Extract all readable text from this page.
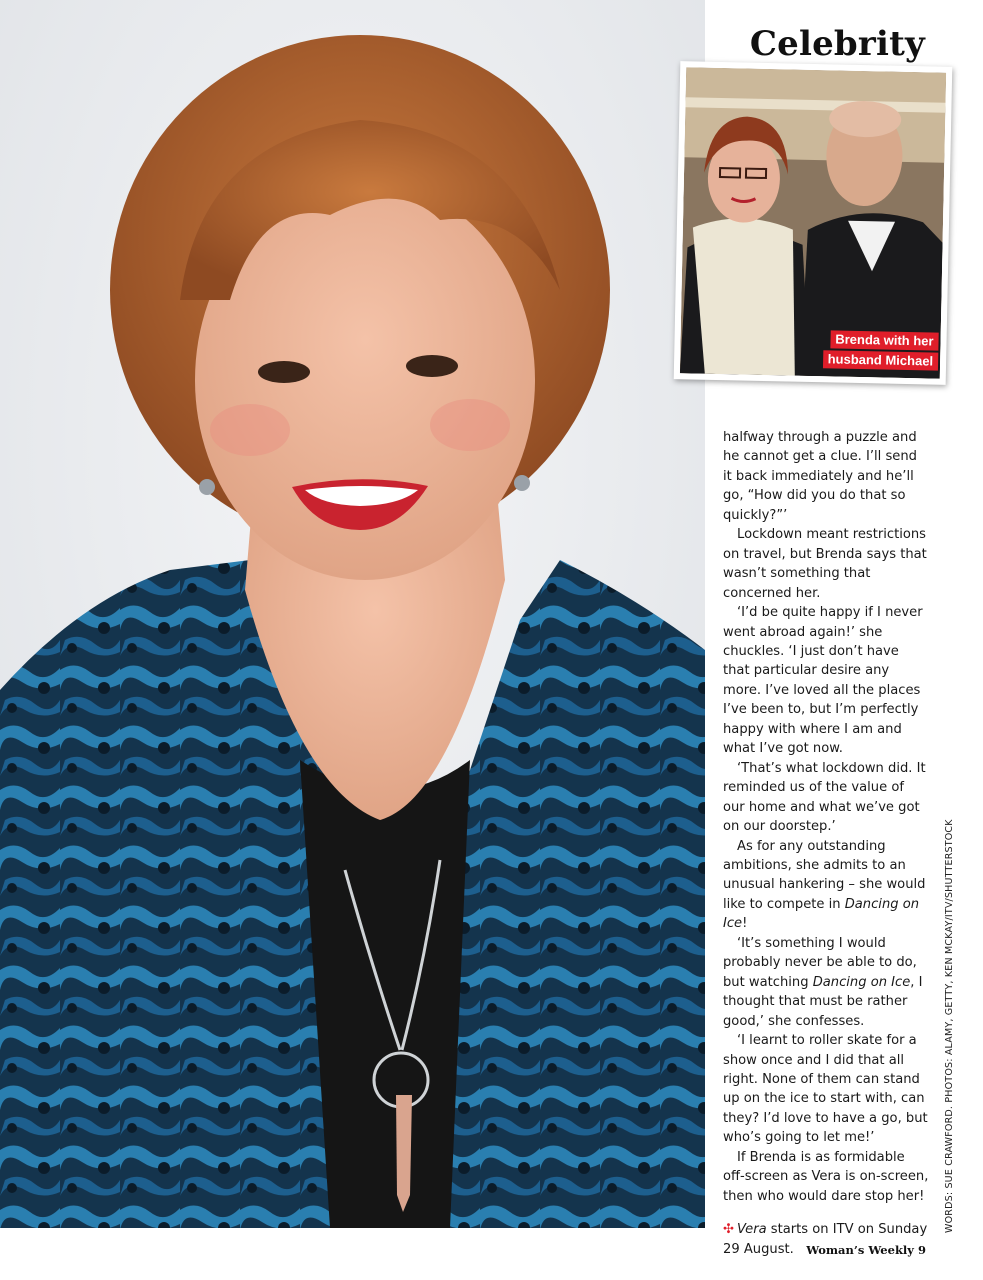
Celebrity
Brenda with her
husband Michael

halfway through a puzzle and he cannot get a clue. I’ll send it back immediately and he’ll go, “How did you do that so quickly?”’

Lockdown meant restrictions on travel, but Brenda says that wasn’t something that concerned her.

‘I’d be quite happy if I never went abroad again!’ she chuckles. ‘I just don’t have that particular desire any more. I’ve loved all the places I’ve been to, but I’m perfectly happy with where I am and what I’ve got now.

‘That’s what lockdown did. It reminded us of the value of our home and what we’ve got on our doorstep.’

As for any outstanding ambitions, she admits to an unusual hankering – she would like to compete in Dancing on Ice!

‘It’s something I would probably never be able to do, but watching Dancing on Ice, I thought that must be rather good,’ she confesses.

‘I learnt to roller skate for a show once and I did that all right. None of them can stand up on the ice to start with, can they? I’d love to have a go, but who’s going to let me!’

If Brenda is as formidable off-screen as Vera is on-screen, then who would dare stop her!

✣ Vera starts on ITV on Sunday 29 August.

WORDS: SUE CRAWFORD. PHOTOS: ALAMY, GETTY, KEN MCKAY/ITV/SHUTTERSTOCK
Woman’s Weekly 9
